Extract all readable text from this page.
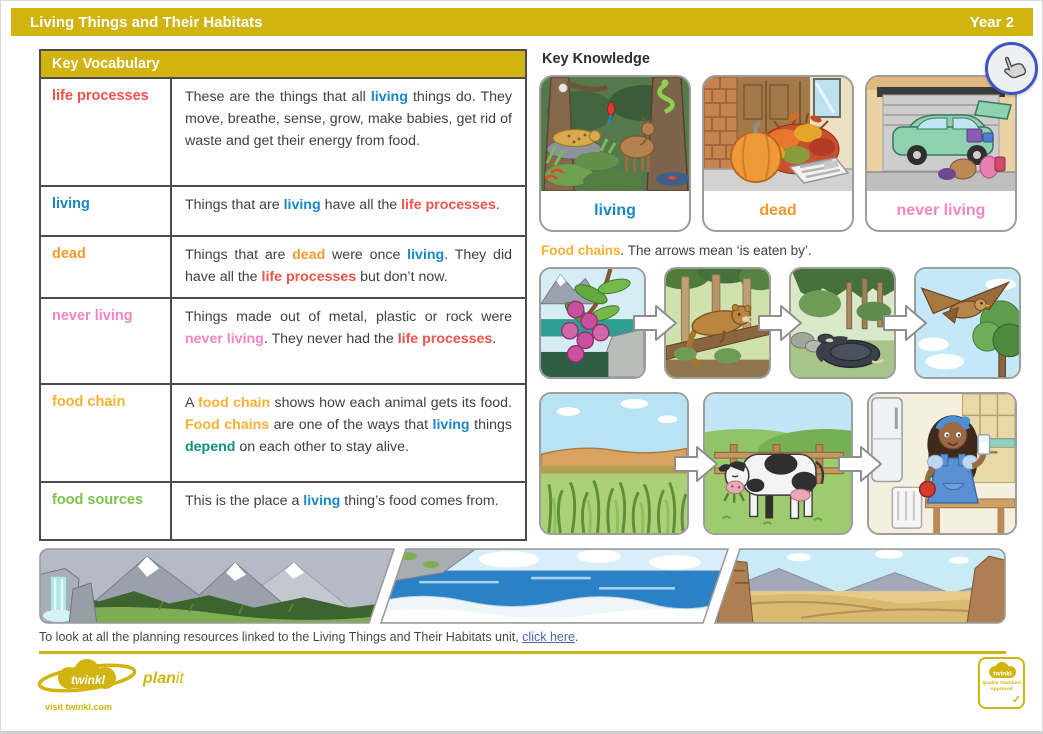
Living Things and Their Habitats	Year 2
Key Vocabulary
life processes	These are the things that all living things do. They move, breathe, sense, grow, make babies, get rid of waste and get their energy from food.
living	Things that are living have all the life processes.
dead	Things that are dead were once living. They did have all the life processes but don’t now.
never living	Things made out of metal, plastic or rock were never living. They never had the life processes.
food chain	A food chain shows how each animal gets its food. Food chains are one of the ways that living things depend on each other to stay alive.
food sources	This is the place a living thing’s food comes from.
Key Knowledge
living	dead	never living

Food chains. The arrows mean ‘is eaten by’.

To look at all the planning resources linked to the Living Things and Their Habitats unit, click here.

twinkl planit
visit twinkl.com
twinkl
Quality Standard
Approved
✓
